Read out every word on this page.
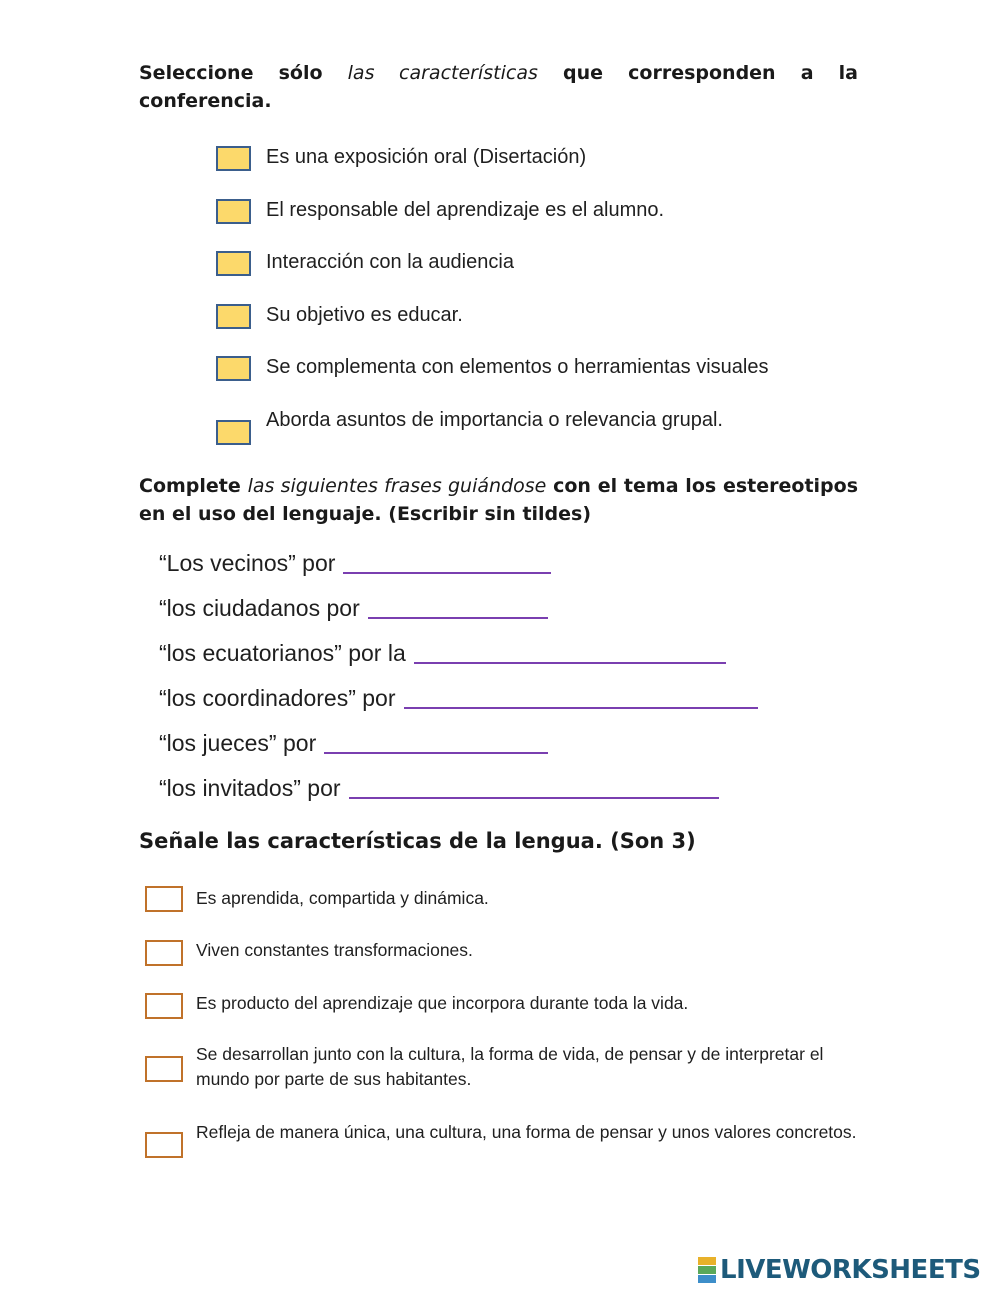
Seleccione sólo las características que corresponden a la conferencia.
Es una exposición oral (Disertación)
El responsable del aprendizaje es el alumno.
Interacción con la audiencia
Su objetivo es educar.
Se complementa con elementos o herramientas visuales
Aborda asuntos de importancia o relevancia grupal.
Complete las siguientes frases guiándose con el tema los estereotipos en el uso del lenguaje. (Escribir sin tildes)
“Los vecinos” por
“los ciudadanos por
“los ecuatorianos” por la
“los coordinadores” por
“los jueces” por
“los invitados” por
Señale las características de la lengua. (Son 3)
Es aprendida, compartida y dinámica.
Viven constantes transformaciones.
Es producto del aprendizaje que incorpora durante toda la vida.
Se desarrollan junto con la cultura, la forma de vida, de pensar y de interpretar el mundo por parte de sus habitantes.
Refleja de manera única, una cultura, una forma de pensar y unos valores concretos.
LIVEWORKSHEETS
